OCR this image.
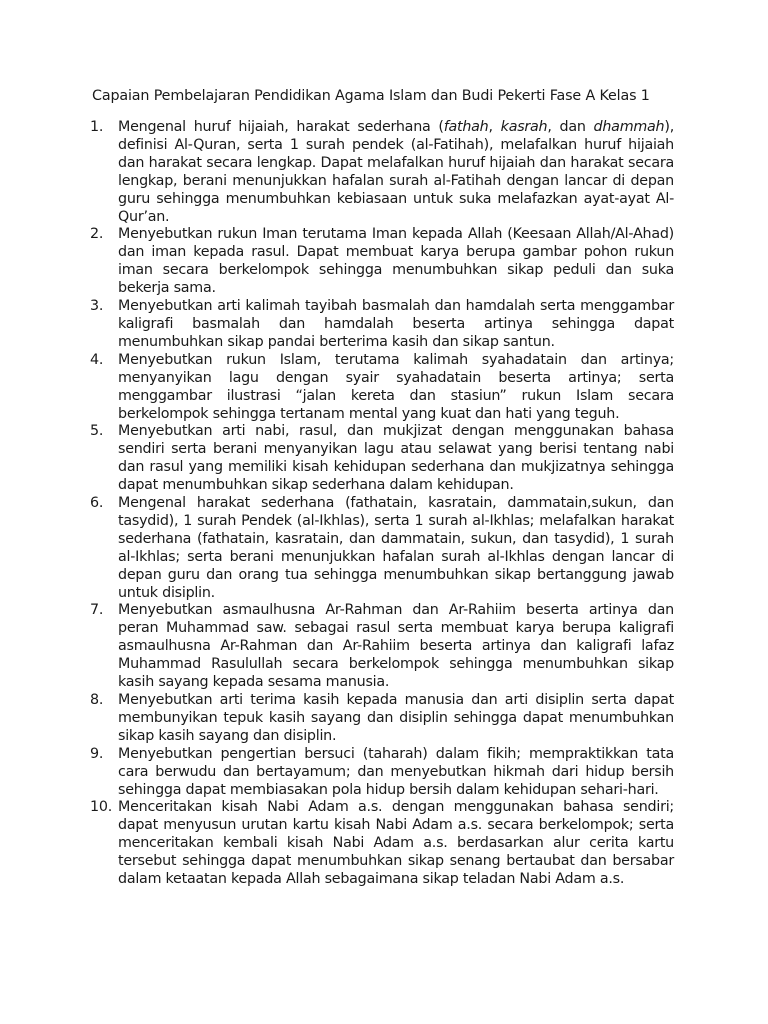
Capaian Pembelajaran Pendidikan Agama Islam dan Budi Pekerti Fase A Kelas 1
1. Mengenal huruf hijaiah, harakat sederhana (fathah, kasrah, dan dhammah), definisi Al-Quran, serta 1 surah pendek (al-Fatihah), melafalkan huruf hijaiah dan harakat secara lengkap. Dapat melafalkan huruf hijaiah dan harakat secara lengkap, berani menunjukkan hafalan surah al-Fatihah dengan lancar di depan guru sehingga menumbuhkan kebiasaan untuk suka melafazkan ayat-ayat Al-Qur’an.
2. Menyebutkan rukun Iman terutama Iman kepada Allah (Keesaan Allah/Al-Ahad) dan iman kepada rasul. Dapat membuat karya berupa gambar pohon rukun iman secara berkelompok sehingga menumbuhkan sikap peduli dan suka bekerja sama.
3. Menyebutkan arti kalimah tayibah basmalah dan hamdalah serta menggambar kaligrafi basmalah dan hamdalah beserta artinya sehingga dapat menumbuhkan sikap pandai berterima kasih dan sikap santun.
4. Menyebutkan rukun Islam, terutama kalimah syahadatain dan artinya; menyanyikan lagu dengan syair syahadatain beserta artinya; serta menggambar ilustrasi “jalan kereta dan stasiun” rukun Islam secara berkelompok sehingga tertanam mental yang kuat dan hati yang teguh.
5. Menyebutkan arti nabi, rasul, dan mukjizat dengan menggunakan bahasa sendiri serta berani menyanyikan lagu atau selawat yang berisi tentang nabi dan rasul yang memiliki kisah kehidupan sederhana dan mukjizatnya sehingga dapat menumbuhkan sikap sederhana dalam kehidupan.
6. Mengenal harakat sederhana (fathatain, kasratain, dammatain,sukun, dan tasydid), 1 surah Pendek (al-Ikhlas), serta 1 surah al-Ikhlas; melafalkan harakat sederhana (fathatain, kasratain, dan dammatain, sukun, dan tasydid), 1 surah al-Ikhlas; serta berani menunjukkan hafalan surah al-Ikhlas dengan lancar di depan guru dan orang tua sehingga menumbuhkan sikap bertanggung jawab untuk disiplin.
7. Menyebutkan asmaulhusna Ar-Rahman dan Ar-Rahiim beserta artinya dan peran Muhammad saw. sebagai rasul serta membuat karya berupa kaligrafi asmaulhusna Ar-Rahman dan Ar-Rahiim beserta artinya dan kaligrafi lafaz Muhammad Rasulullah secara berkelompok sehingga menumbuhkan sikap kasih sayang kepada sesama manusia.
8. Menyebutkan arti terima kasih kepada manusia dan arti disiplin serta dapat membunyikan tepuk kasih sayang dan disiplin sehingga dapat menumbuhkan sikap kasih sayang dan disiplin.
9. Menyebutkan pengertian bersuci (taharah) dalam fikih; mempraktikkan tata cara berwudu dan bertayamum; dan menyebutkan hikmah dari hidup bersih sehingga dapat membiasakan pola hidup bersih dalam kehidupan sehari-hari.
10. Menceritakan kisah Nabi Adam a.s. dengan menggunakan bahasa sendiri; dapat menyusun urutan kartu kisah Nabi Adam a.s. secara berkelompok; serta menceritakan kembali kisah Nabi Adam a.s. berdasarkan alur cerita kartu tersebut sehingga dapat menumbuhkan sikap senang bertaubat dan bersabar dalam ketaatan kepada Allah sebagaimana sikap teladan Nabi Adam a.s.
